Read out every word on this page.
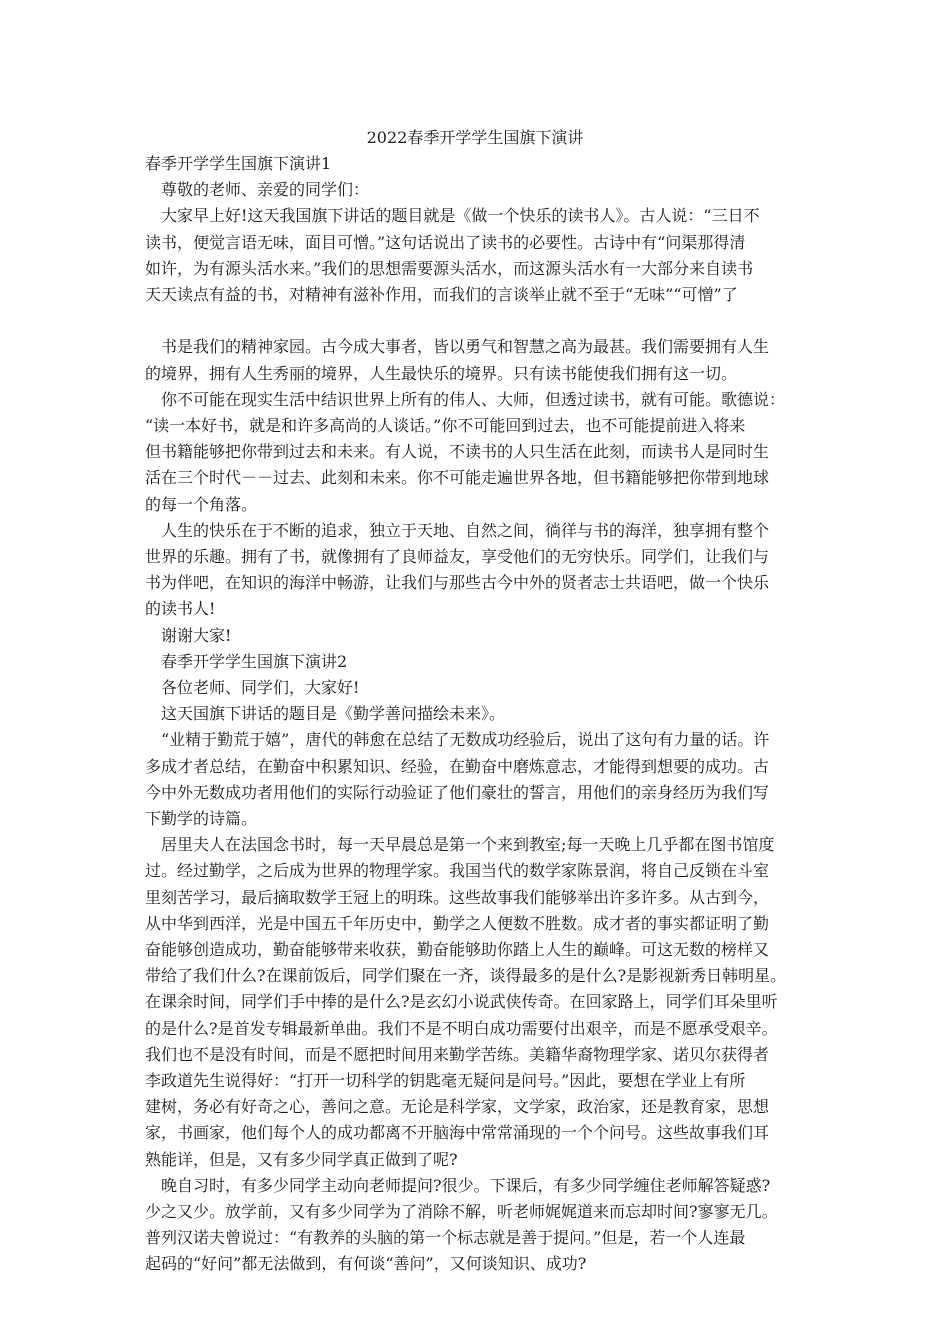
2022春季开学学生国旗下演讲

春季开学学生国旗下演讲1

　尊敬的老师、亲爱的同学们：

　大家早上好!这天我国旗下讲话的题目就是《做一个快乐的读书人》。古人说：“三日不

读书，便觉言语无味，面目可憎。”这句话说出了读书的必要性。古诗中有“问渠那得清

如许，为有源头活水来。”我们的思想需要源头活水，而这源头活水有一大部分来自读书

天天读点有益的书，对精神有滋补作用，而我们的言谈举止就不至于“无味”“可憎”了

　书是我们的精神家园。古今成大事者，皆以勇气和智慧之高为最甚。我们需要拥有人生

的境界，拥有人生秀丽的境界，人生最快乐的境界。只有读书能使我们拥有这一切。

　你不可能在现实生活中结识世界上所有的伟人、大师，但透过读书，就有可能。歌德说：

“读一本好书，就是和许多高尚的人谈话。”你不可能回到过去，也不可能提前进入将来

但书籍能够把你带到过去和未来。有人说，不读书的人只生活在此刻，而读书人是同时生

活在三个时代－－过去、此刻和未来。你不可能走遍世界各地，但书籍能够把你带到地球

的每一个角落。

　人生的快乐在于不断的追求，独立于天地、自然之间，徜徉与书的海洋，独享拥有整个

世界的乐趣。拥有了书，就像拥有了良师益友，享受他们的无穷快乐。同学们，让我们与

书为伴吧，在知识的海洋中畅游，让我们与那些古今中外的贤者志士共语吧，做一个快乐

的读书人!

　谢谢大家!

　春季开学学生国旗下演讲2

　各位老师、同学们，大家好!

　这天国旗下讲话的题目是《勤学善问描绘未来》。

　“业精于勤荒于嬉”，唐代的韩愈在总结了无数成功经验后，说出了这句有力量的话。许

多成才者总结，在勤奋中积累知识、经验，在勤奋中磨炼意志，才能得到想要的成功。古

今中外无数成功者用他们的实际行动验证了他们豪壮的誓言，用他们的亲身经历为我们写

下勤学的诗篇。

　居里夫人在法国念书时，每一天早晨总是第一个来到教室;每一天晚上几乎都在图书馆度

过。经过勤学，之后成为世界的物理学家。我国当代的数学家陈景润，将自己反锁在斗室

里刻苦学习，最后摘取数学王冠上的明珠。这些故事我们能够举出许多许多。从古到今，

从中华到西洋，光是中国五千年历史中，勤学之人便数不胜数。成才者的事实都证明了勤

奋能够创造成功，勤奋能够带来收获，勤奋能够助你踏上人生的巅峰。可这无数的榜样又

带给了我们什么?在课前饭后，同学们聚在一齐，谈得最多的是什么?是影视新秀日韩明星。

在课余时间，同学们手中捧的是什么?是玄幻小说武侠传奇。在回家路上，同学们耳朵里听

的是什么?是首发专辑最新单曲。我们不是不明白成功需要付出艰辛，而是不愿承受艰辛。

我们也不是没有时间，而是不愿把时间用来勤学苦练。美籍华裔物理学家、诺贝尔获得者

李政道先生说得好：“打开一切科学的钥匙毫无疑问是问号。”因此，要想在学业上有所

建树，务必有好奇之心，善问之意。无论是科学家，文学家，政治家，还是教育家，思想

家，书画家，他们每个人的成功都离不开脑海中常常涌现的一个个问号。这些故事我们耳

熟能详，但是，又有多少同学真正做到了呢?

　晚自习时，有多少同学主动向老师提问?很少。下课后，有多少同学缠住老师解答疑惑?

少之又少。放学前，又有多少同学为了消除不解，听老师娓娓道来而忘却时间?寥寥无几。

普列汉诺夫曾说过：“有教养的头脑的第一个标志就是善于提问。”但是，若一个人连最

起码的“好问”都无法做到，有何谈“善问”，又何谈知识、成功?
